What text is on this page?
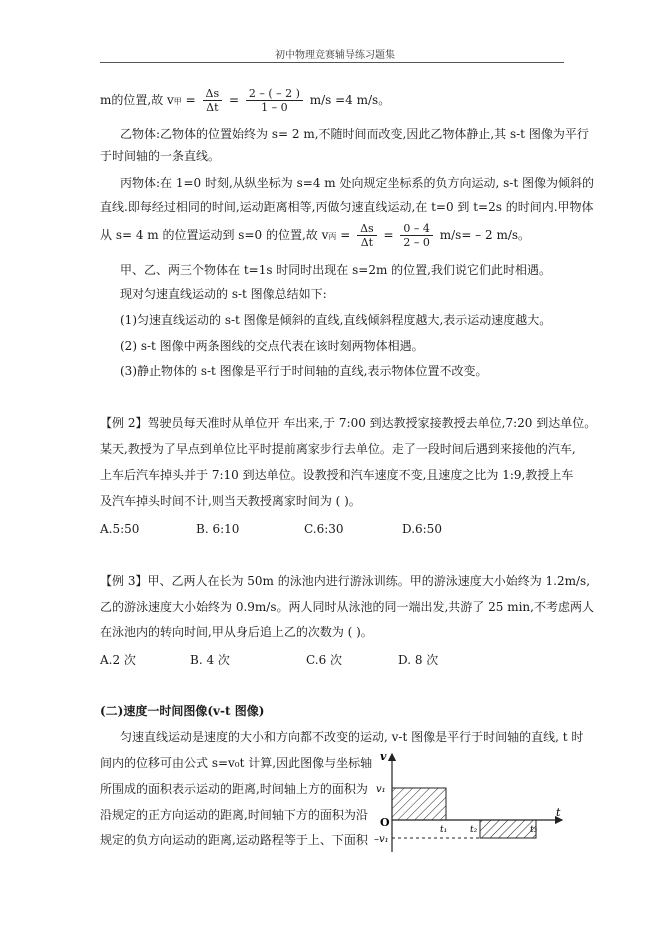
初中物理竞赛辅导练习题集
m的位置,故 v甲 = $\frac{\Delta s}{\Delta t} = \frac{2 - ( - 2 )}{1 - 0} m/s =4$ m/s。
乙物体:乙物体的位置始终为 s= 2 m,不随时间而改变,因此乙物体静止,其 s-t 图像为平行
于时间轴的一条直线。
丙物体:在 1=0 时刻,从纵坐标为 s=4 m 处向规定坐标系的负方向运动, s-t 图像为倾斜的
直线.即每经过相同的时间,运动距离相等,丙做匀速直线运动,在 t=0 到 t=2s 的时间内.甲物体
从 s= 4 m 的位置运动到 s=0 的位置,故 v丙 = $\frac{\Delta s}{\Delta t} = \frac{0 - 4}{2 - 0} m/s= - 2$ m/s。
甲、乙、两三个物体在 t=1s 时同时出现在 s=2m 的位置,我们说它们此时相遇。
现对匀速直线运动的 s-t 图像总结如下:
(1)匀速直线运动的 s-t 图像是倾斜的直线,直线倾斜程度越大,表示运动速度越大。
(2) s-t 图像中两条图线的交点代表在该时刻两物体相遇。
(3)静止物体的 s-t 图像是平行于时间轴的直线,表示物体位置不改变。
【例 2】驾驶员每天准时从单位开 车出来,于 7:00 到达教授家接教授去单位,7:20 到达单位。
某天,教授为了早点到单位比平时提前离家步行去单位。走了一段时间后遇到来接他的汽车,
上车后汽车掉头并于 7:10 到达单位。设教授和汽车速度不变,且速度之比为 1:9,教授上车
及汽车掉头时间不计,则当天教授离家时间为 ( )。
A.5:50	B. 6:10	C.6:30	D.6:50
【例 3】甲、乙两人在长为 50m 的泳池内进行游泳训练。甲的游泳速度大小始终为 1.2m/s,
乙的游泳速度大小始终为 0.9m/s。两人同时从泳池的同一端出发,共游了 25 min,不考虑两人
在泳池内的转向时间,甲从身后追上乙的次数为 ( )。
A.2 次	B. 4 次	C.6 次	D. 8 次
(二)速度一时间图像(v-t 图像)
匀速直线运动是速度的大小和方向都不改变的运动, v-t 图像是平行于时间轴的直线, t 时
间内的位移可由公式 s=v₀t 计算,因此图像与坐标轴
所围成的面积表示运动的距离,时间轴上方的面积为
沿规定的正方向运动的距离,时间轴下方的面积为沿
规定的负方向运动的距离,运动路程等于上、下面积
v
t
O
v₁
–v₁
t₁	t₂	t₃
